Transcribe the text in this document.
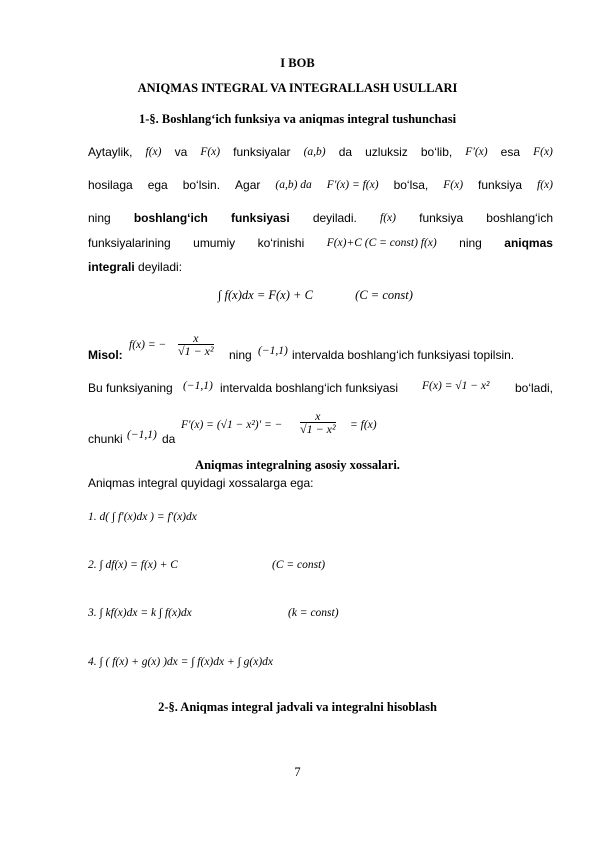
I BOB
ANIQMAS INTEGRAL VA INTEGRALLASH USULLARI
1-§. Boshlang‘ich funksiya va aniqmas integral tushunchasi
Aytaylik, f(x) va F(x) funksiyalar (a,b) da uzluksiz bo‘lib, F′(x) esa F(x)
hosilaga ega bo‘lsin. Agar (a,b) da F′(x) = f(x) bo‘lsa, F(x) funksiya f(x)
ning boshlang‘ich funksiyasi deyiladi. f(x) funksiya boshlang‘ich
funksiyalarining umumiy ko‘rinishi F(x)+C (C = const) f(x) ning aniqmas
integrali deyiladi:
∫ f(x)dx = F(x) + C	(C = const)
Misol:
f(x) = − $\frac{x}{\text{√1 − x²}}$ ning (−1,1) intervalda boshlang‘ich funksiyasi topilsin.
Bu funksiyaning (−1,1) intervalda boshlang‘ich funksiyasi F(x) = √1 − x² bo‘ladi,
chunki (−1,1) da
F′(x) = (√1 − x²)′ = − $\frac{x}{\text{√1 − x²}} = f(x)$
Aniqmas integralning asosiy xossalari.
Aniqmas integral quyidagi xossalarga ega:
1. d( ∫ f′(x)dx ) = f′(x)dx
2. ∫ df(x) = f(x) + C	(C = const)
3. ∫ kf(x)dx = k ∫ f(x)dx	(k = const)
4. ∫ ( f(x) + g(x) )dx = ∫ f(x)dx + ∫ g(x)dx
2-§. Aniqmas integral jadvali va integralni hisoblash
7
